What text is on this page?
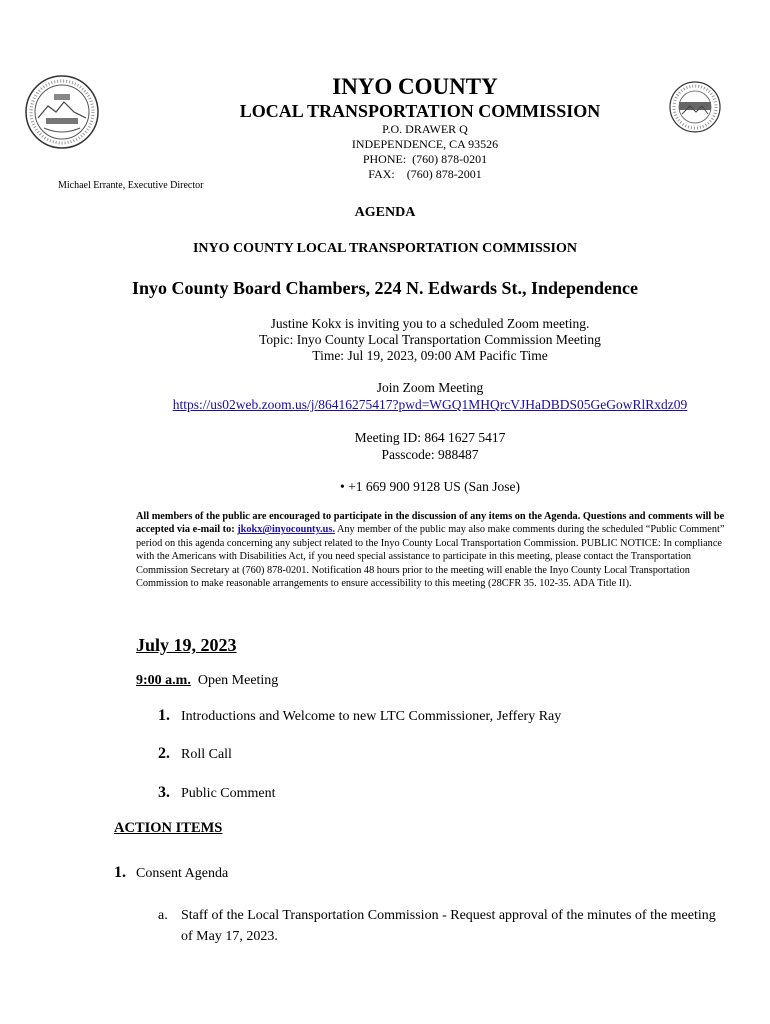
INYO COUNTY
LOCAL TRANSPORTATION COMMISSION
P.O. DRAWER Q
INDEPENDENCE, CA 93526
PHONE:  (760) 878-0201
FAX:    (760) 878-2001
Michael Errante, Executive Director
AGENDA
INYO COUNTY LOCAL TRANSPORTATION COMMISSION
Inyo County Board Chambers, 224 N. Edwards St., Independence
Justine Kokx is inviting you to a scheduled Zoom meeting.
Topic: Inyo County Local Transportation Commission Meeting
Time: Jul 19, 2023, 09:00 AM Pacific Time
Join Zoom Meeting
https://us02web.zoom.us/j/86416275417?pwd=WGQ1MHQrcVJHaDBDS05GeGowRlRxdz09
Meeting ID: 864 1627 5417
Passcode: 988487
• +1 669 900 9128 US (San Jose)
All members of the public are encouraged to participate in the discussion of any items on the Agenda. Questions and comments will be accepted via e-mail to: jkokx@inyocounty.us. Any member of the public may also make comments during the scheduled “Public Comment” period on this agenda concerning any subject related to the Inyo County Local Transportation Commission. PUBLIC NOTICE: In compliance with the Americans with Disabilities Act, if you need special assistance to participate in this meeting, please contact the Transportation Commission Secretary at (760) 878-0201. Notification 48 hours prior to the meeting will enable the Inyo County Local Transportation Commission to make reasonable arrangements to ensure accessibility to this meeting (28CFR 35. 102-35. ADA Title II).
July 19, 2023
9:00 a.m. Open Meeting
1. Introductions and Welcome to new LTC Commissioner, Jeffery Ray
2. Roll Call
3. Public Comment
ACTION ITEMS
1. Consent Agenda
a. Staff of the Local Transportation Commission - Request approval of the minutes of the meeting of May 17, 2023.
